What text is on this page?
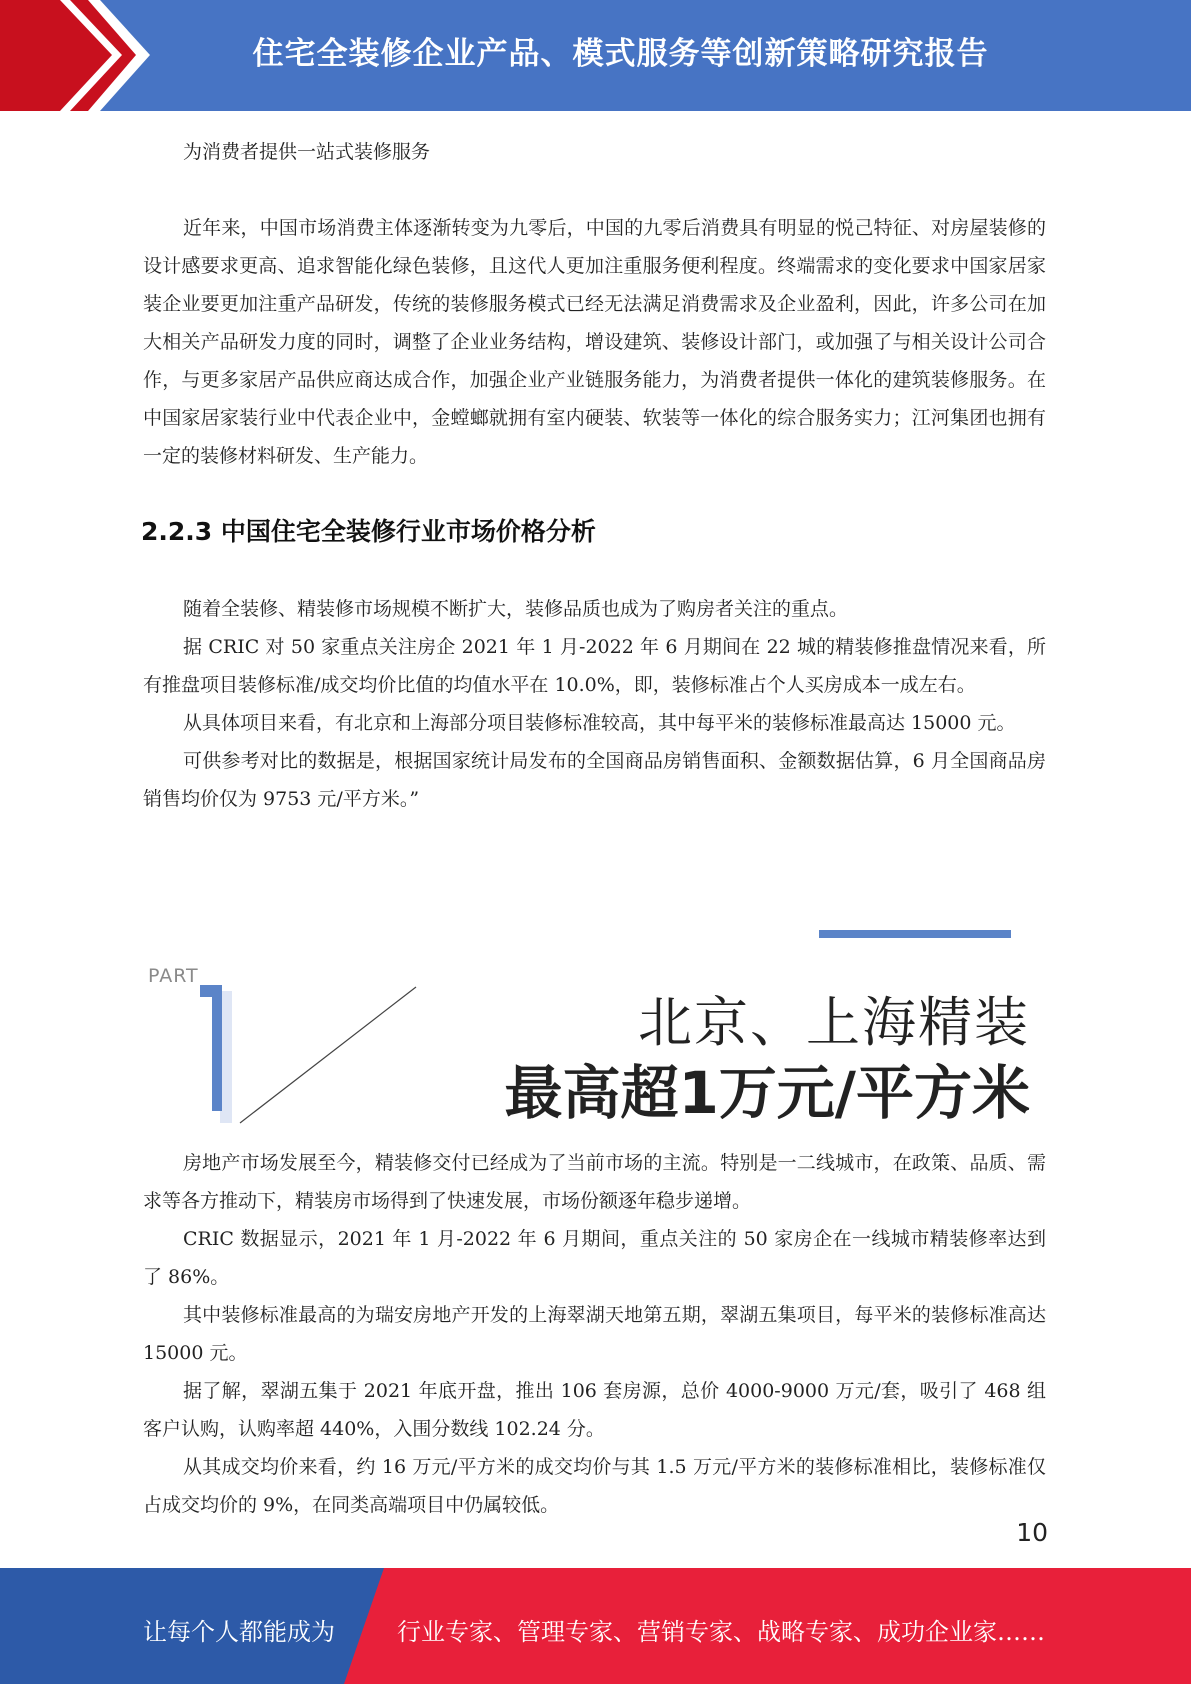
住宅全装修企业产品、模式服务等创新策略研究报告
为消费者提供一站式装修服务

近年来，中国市场消费主体逐渐转变为九零后，中国的九零后消费具有明显的悦己特征、对房屋装修的设计感要求更高、追求智能化绿色装修，且这代人更加注重服务便利程度。终端需求的变化要求中国家居家装企业要更加注重产品研发，传统的装修服务模式已经无法满足消费需求及企业盈利，因此，许多公司在加大相关产品研发力度的同时，调整了企业业务结构，增设建筑、装修设计部门，或加强了与相关设计公司合作，与更多家居产品供应商达成合作，加强企业产业链服务能力，为消费者提供一体化的建筑装修服务。在中国家居家装行业中代表企业中，金螳螂就拥有室内硬装、软装等一体化的综合服务实力；江河集团也拥有一定的装修材料研发、生产能力。

2.2.3 中国住宅全装修行业市场价格分析

随着全装修、精装修市场规模不断扩大，装修品质也成为了购房者关注的重点。

据 CRIC 对 50 家重点关注房企 2021 年 1 月-2022 年 6 月期间在 22 城的精装修推盘情况来看，所有推盘项目装修标准/成交均价比值的均值水平在 10.0%，即，装修标准占个人买房成本一成左右。

从具体项目来看，有北京和上海部分项目装修标准较高，其中每平米的装修标准最高达 15000 元。

可供参考对比的数据是，根据国家统计局发布的全国商品房销售面积、金额数据估算，6 月全国商品房销售均价仅为 9753 元/平方米。”

PART
北京、上海精装
最高超1万元/平方米

房地产市场发展至今，精装修交付已经成为了当前市场的主流。特别是一二线城市，在政策、品质、需求等各方推动下，精装房市场得到了快速发展，市场份额逐年稳步递增。

CRIC 数据显示，2021 年 1 月-2022 年 6 月期间，重点关注的 50 家房企在一线城市精装修率达到了 86%。

其中装修标准最高的为瑞安房地产开发的上海翠湖天地第五期，翠湖五集项目，每平米的装修标准高达 15000 元。

据了解，翠湖五集于 2021 年底开盘，推出 106 套房源，总价 4000-9000 万元/套，吸引了 468 组客户认购，认购率超 440%，入围分数线 102.24 分。

从其成交均价来看，约 16 万元/平方米的成交均价与其 1.5 万元/平方米的装修标准相比，装修标准仅占成交均价的 9%，在同类高端项目中仍属较低。

10
让每个人都能成为	行业专家、管理专家、营销专家、战略专家、成功企业家……
